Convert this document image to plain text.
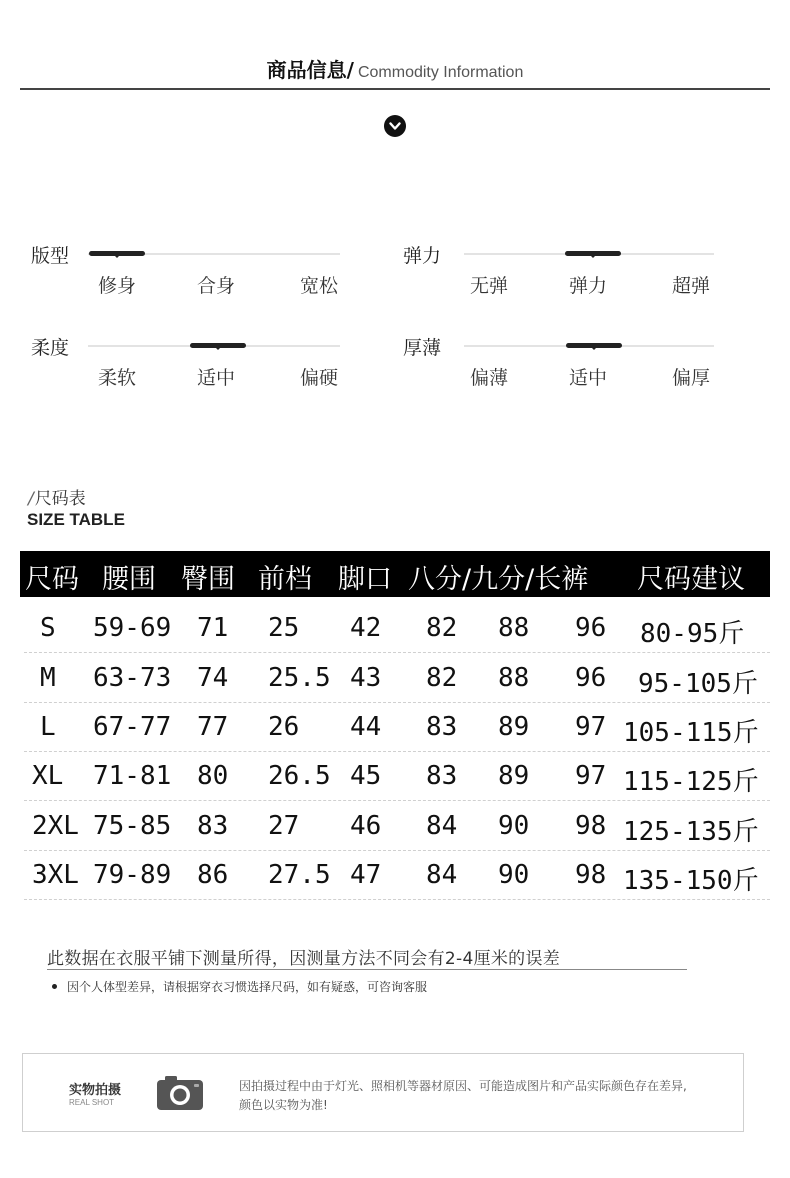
商品信息/ Commodity Information
版型
修身	合身	宽松
弹力
无弹	弹力	超弹
柔度
柔软	适中	偏硬
厚薄
偏薄	适中	偏厚
/尺码表
SIZE TABLE
尺码 腰围 臀围 前档 脚口 八分/九分/长裤 尺码建议
S 59-69 71 25 42 82 88 96 80-95斤
M 63-73 74 25.5 43 82 88 96 95-105斤
L 67-77 77 26 44 83 89 97 105-115斤
XL 71-81 80 26.5 45 83 89 97 115-125斤
2XL 75-85 83 27 46 84 90 98 125-135斤
3XL 79-89 86 27.5 47 84 90 98 135-150斤
此数据在衣服平铺下测量所得，因测量方法不同会有2-4厘米的误差
因个人体型差异，请根据穿衣习惯选择尺码，如有疑惑，可咨询客服
实物拍摄
REAL SHOT
因拍摄过程中由于灯光、照相机等器材原因、可能造成图片和产品实际颜色存在差异,
颜色以实物为准!
